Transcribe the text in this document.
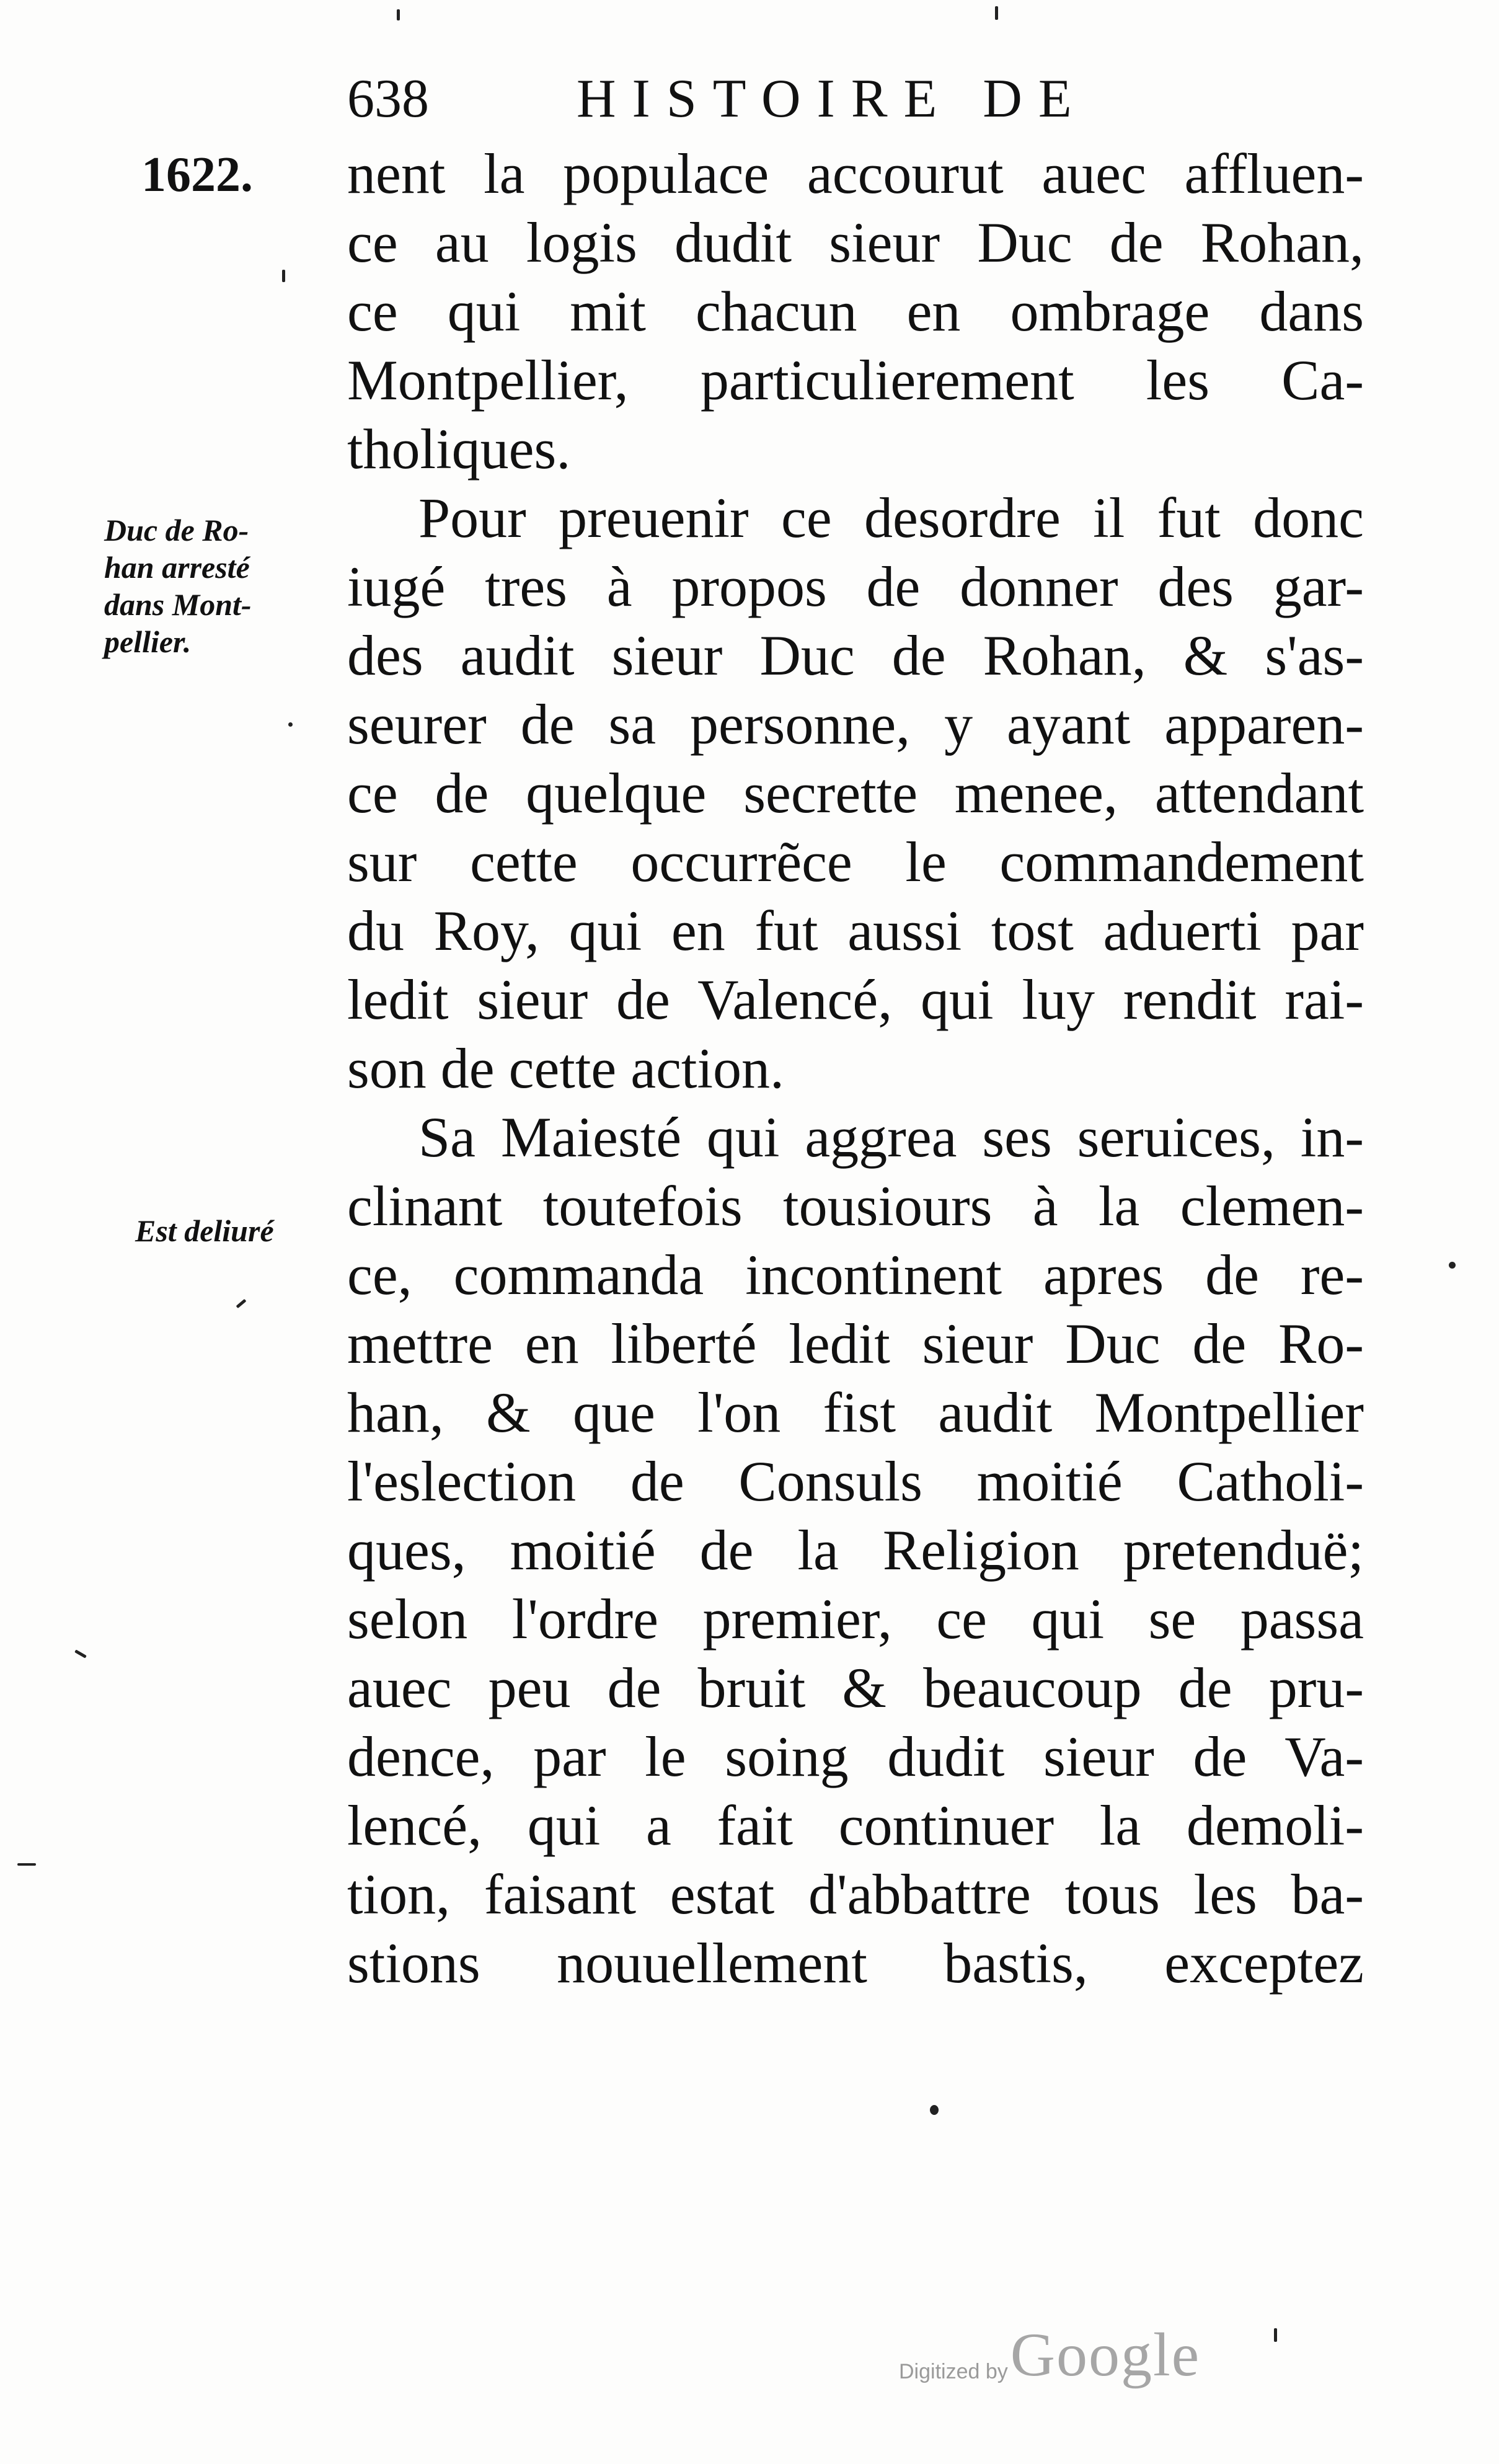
638	HISTOIRE DE
1622.
Duc de Ro-
han arresté
dans Mont-
pellier.
Est deliuré
nent la populace accourut auec affluen-
ce au logis dudit sieur Duc de Rohan,
ce qui mit chacun en ombrage dans
Montpellier, particulierement les Ca-
tholiques.
Pour preuenir ce desordre il fut donc
iugé tres à propos de donner des gar-
des audit sieur Duc de Rohan, & s'as-
seurer de sa personne, y ayant apparen-
ce de quelque secrette menee, attendant
sur cette occurrẽce le commandement
du Roy, qui en fut aussi tost aduerti par
ledit sieur de Valencé, qui luy rendit rai-
son de cette action.
Sa Maiesté qui aggrea ses seruices, in-
clinant toutefois tousiours à la clemen-
ce, commanda incontinent apres de re-
mettre en liberté ledit sieur Duc de Ro-
han, & que l'on fist audit Montpellier
l'eslection de Consuls moitié Catholi-
ques, moitié de la Religion pretenduë;
selon l'ordre premier, ce qui se passa
auec peu de bruit & beaucoup de pru-
dence, par le soing dudit sieur de Va-
lencé, qui a fait continuer la demoli-
tion, faisant estat d'abbattre tous les ba-
stions nouuellement bastis, exceptez
Digitized by Google
